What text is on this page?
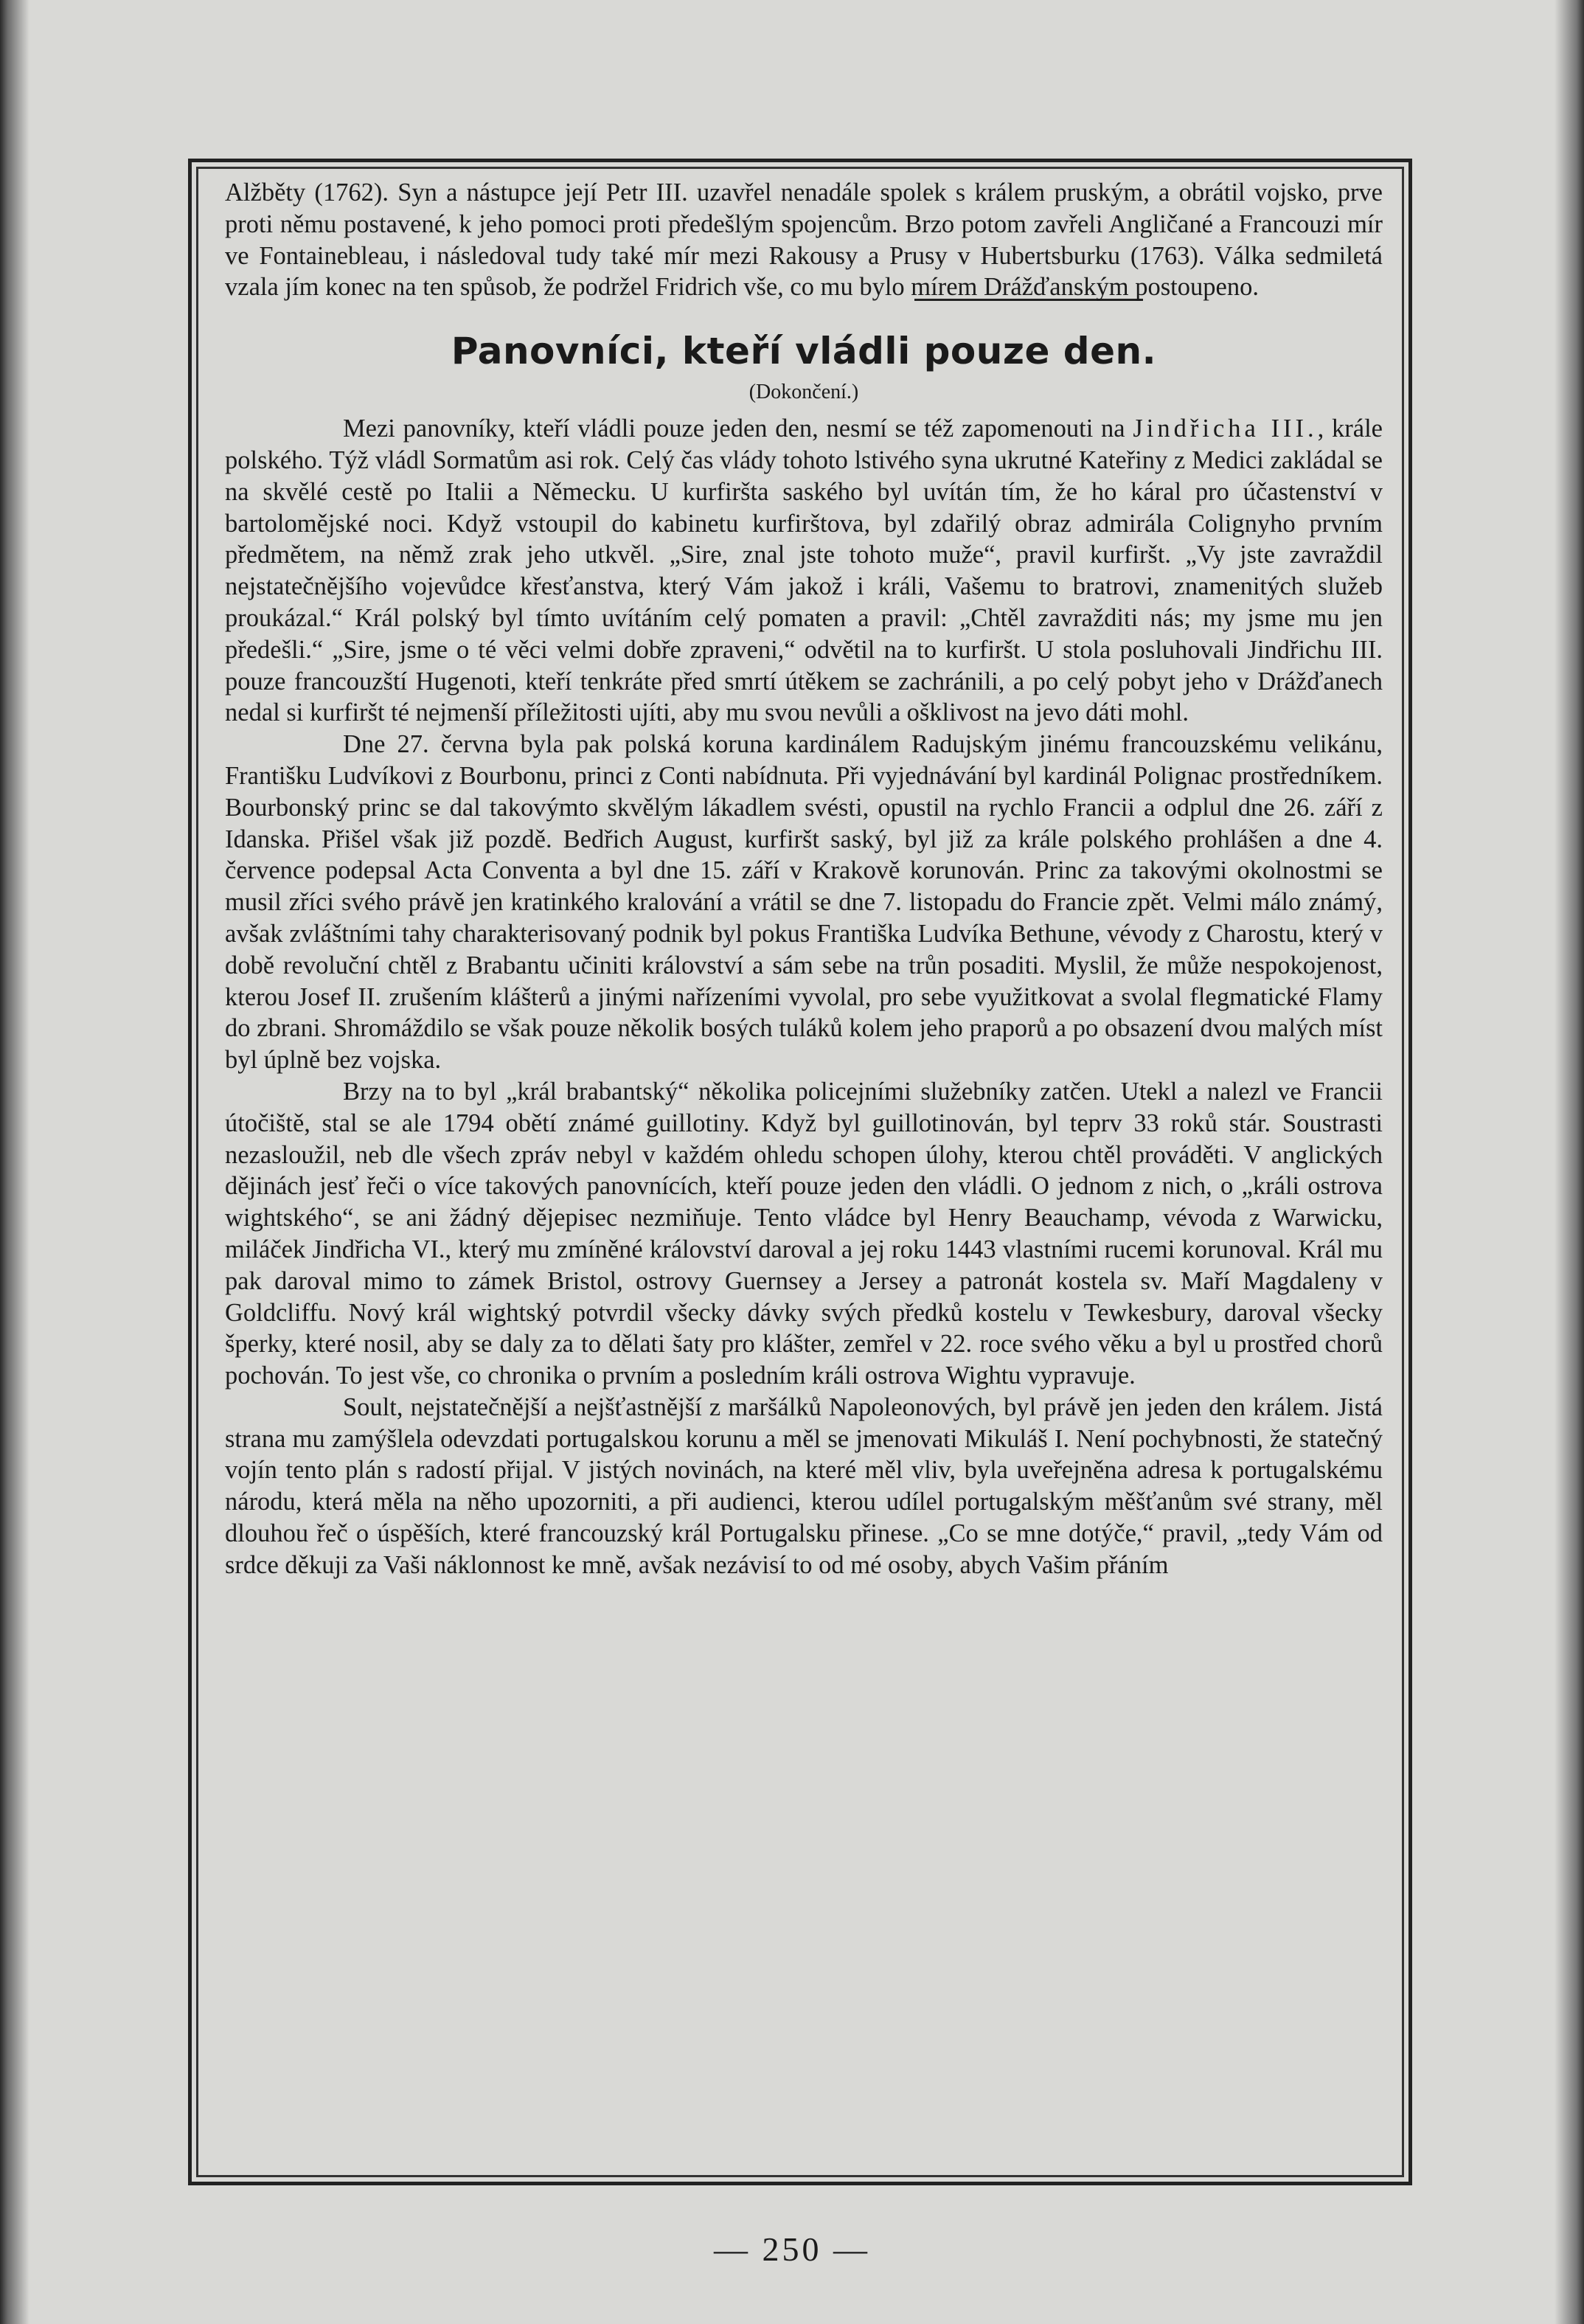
Alžběty (1762). Syn a nástupce její Petr III. uzavřel nenadále spolek s králem pruským, a obrátil vojsko, prve proti němu postavené, k jeho pomoci proti předešlým spojencům. Brzo potom zavřeli Angličané a Francouzi mír ve Fontainebleau, i následoval tudy také mír mezi Rakousy a Prusy v Hubertsburku (1763). Válka sedmiletá vzala jím konec na ten spůsob, že podržel Fridrich vše, co mu bylo mírem Drážďanským postoupeno.

Panovníci, kteří vládli pouze den.
(Dokončení.)

Mezi panovníky, kteří vládli pouze jeden den, nesmí se též zapomenouti na Jindřicha III., krále polského. Týž vládl Sormatům asi rok. Celý čas vlády tohoto lstivého syna ukrutné Kateřiny z Medici zakládal se na skvělé cestě po Italii a Německu. U kurfiršta saského byl uvítán tím, že ho káral pro účastenství v bartolomějské noci. Když vstoupil do kabinetu kurfirštova, byl zdařilý obraz admirála Colignyho prvním předmětem, na němž zrak jeho utkvěl. „Sire, znal jste tohoto muže“, pravil kurfiršt. „Vy jste zavraždil nejstatečnějšího vojevůdce křesťanstva, který Vám jakož i králi, Vašemu to bratrovi, znamenitých služeb proukázal.“ Král polský byl tímto uvítáním celý pomaten a pravil: „Chtěl zavražditi nás; my jsme mu jen předešli.“ „Sire, jsme o té věci velmi dobře zpraveni,“ odvětil na to kurfiršt. U stola posluhovali Jindřichu III. pouze francouzští Hugenoti, kteří tenkráte před smrtí útěkem se zachránili, a po celý pobyt jeho v Drážďanech nedal si kurfiršt té nejmenší příležitosti ujíti, aby mu svou nevůli a ošklivost na jevo dáti mohl.

Dne 27. června byla pak polská koruna kardinálem Radujským jinému francouzskému velikánu, Františku Ludvíkovi z Bourbonu, princi z Conti nabídnuta. Při vyjednávání byl kardinál Polignac prostředníkem. Bourbonský princ se dal takovýmto skvělým lákadlem svésti, opustil na rychlo Francii a odplul dne 26. září z Idanska. Přišel však již pozdě. Bedřich August, kurfiršt saský, byl již za krále polského prohlášen a dne 4. července podepsal Acta Conventa a byl dne 15. září v Krakově korunován. Princ za takovými okolnostmi se musil zříci svého právě jen kratinkého kralování a vrátil se dne 7. listopadu do Francie zpět. Velmi málo známý, avšak zvláštními tahy charakterisovaný podnik byl pokus Františka Ludvíka Bethune, vévody z Charostu, který v době revoluční chtěl z Brabantu učiniti království a sám sebe na trůn posaditi. Myslil, že může nespokojenost, kterou Josef II. zrušením klášterů a jinými nařízeními vyvolal, pro sebe využitkovat a svolal flegmatické Flamy do zbrani. Shromáždilo se však pouze několik bosých tuláků kolem jeho praporů a po obsazení dvou malých míst byl úplně bez vojska.

Brzy na to byl „král brabantský“ několika policejními služebníky zatčen. Utekl a nalezl ve Francii útočiště, stal se ale 1794 obětí známé guillotiny. Když byl guillotinován, byl teprv 33 roků stár. Soustrasti nezasloužil, neb dle všech zpráv nebyl v každém ohledu schopen úlohy, kterou chtěl prováděti. V anglických dějinách jesť řeči o více takových panovnících, kteří pouze jeden den vládli. O jednom z nich, o „králi ostrova wightského“, se ani žádný dějepisec nezmiňuje. Tento vládce byl Henry Beauchamp, vévoda z Warwicku, miláček Jindřicha VI., který mu zmíněné království daroval a jej roku 1443 vlastními rucemi korunoval. Král mu pak daroval mimo to zámek Bristol, ostrovy Guernsey a Jersey a patronát kostela sv. Maří Magdaleny v Goldcliffu. Nový král wightský potvrdil všecky dávky svých předků kostelu v Tewkesbury, daroval všecky šperky, které nosil, aby se daly za to dělati šaty pro klášter, zemřel v 22. roce svého věku a byl u prostřed chorů pochován. To jest vše, co chronika o prvním a posledním králi ostrova Wightu vypravuje.

Soult, nejstatečnější a nejšťastnější z maršálků Napoleonových, byl právě jen jeden den králem. Jistá strana mu zamýšlela odevzdati portugalskou korunu a měl se jmenovati Mikuláš I. Není pochybnosti, že statečný vojín tento plán s radostí přijal. V jistých novinách, na které měl vliv, byla uveřejněna adresa k portugalskému národu, která měla na něho upozorniti, a při audienci, kterou udílel portugalským měšťanům své strany, měl dlouhou řeč o úspěších, které francouzský král Portugalsku přinese. „Co se mne dotýče,“ pravil, „tedy Vám od srdce děkuji za Vaši náklonnost ke mně, avšak nezávisí to od mé osoby, abych Vašim přáním

— 250 —
